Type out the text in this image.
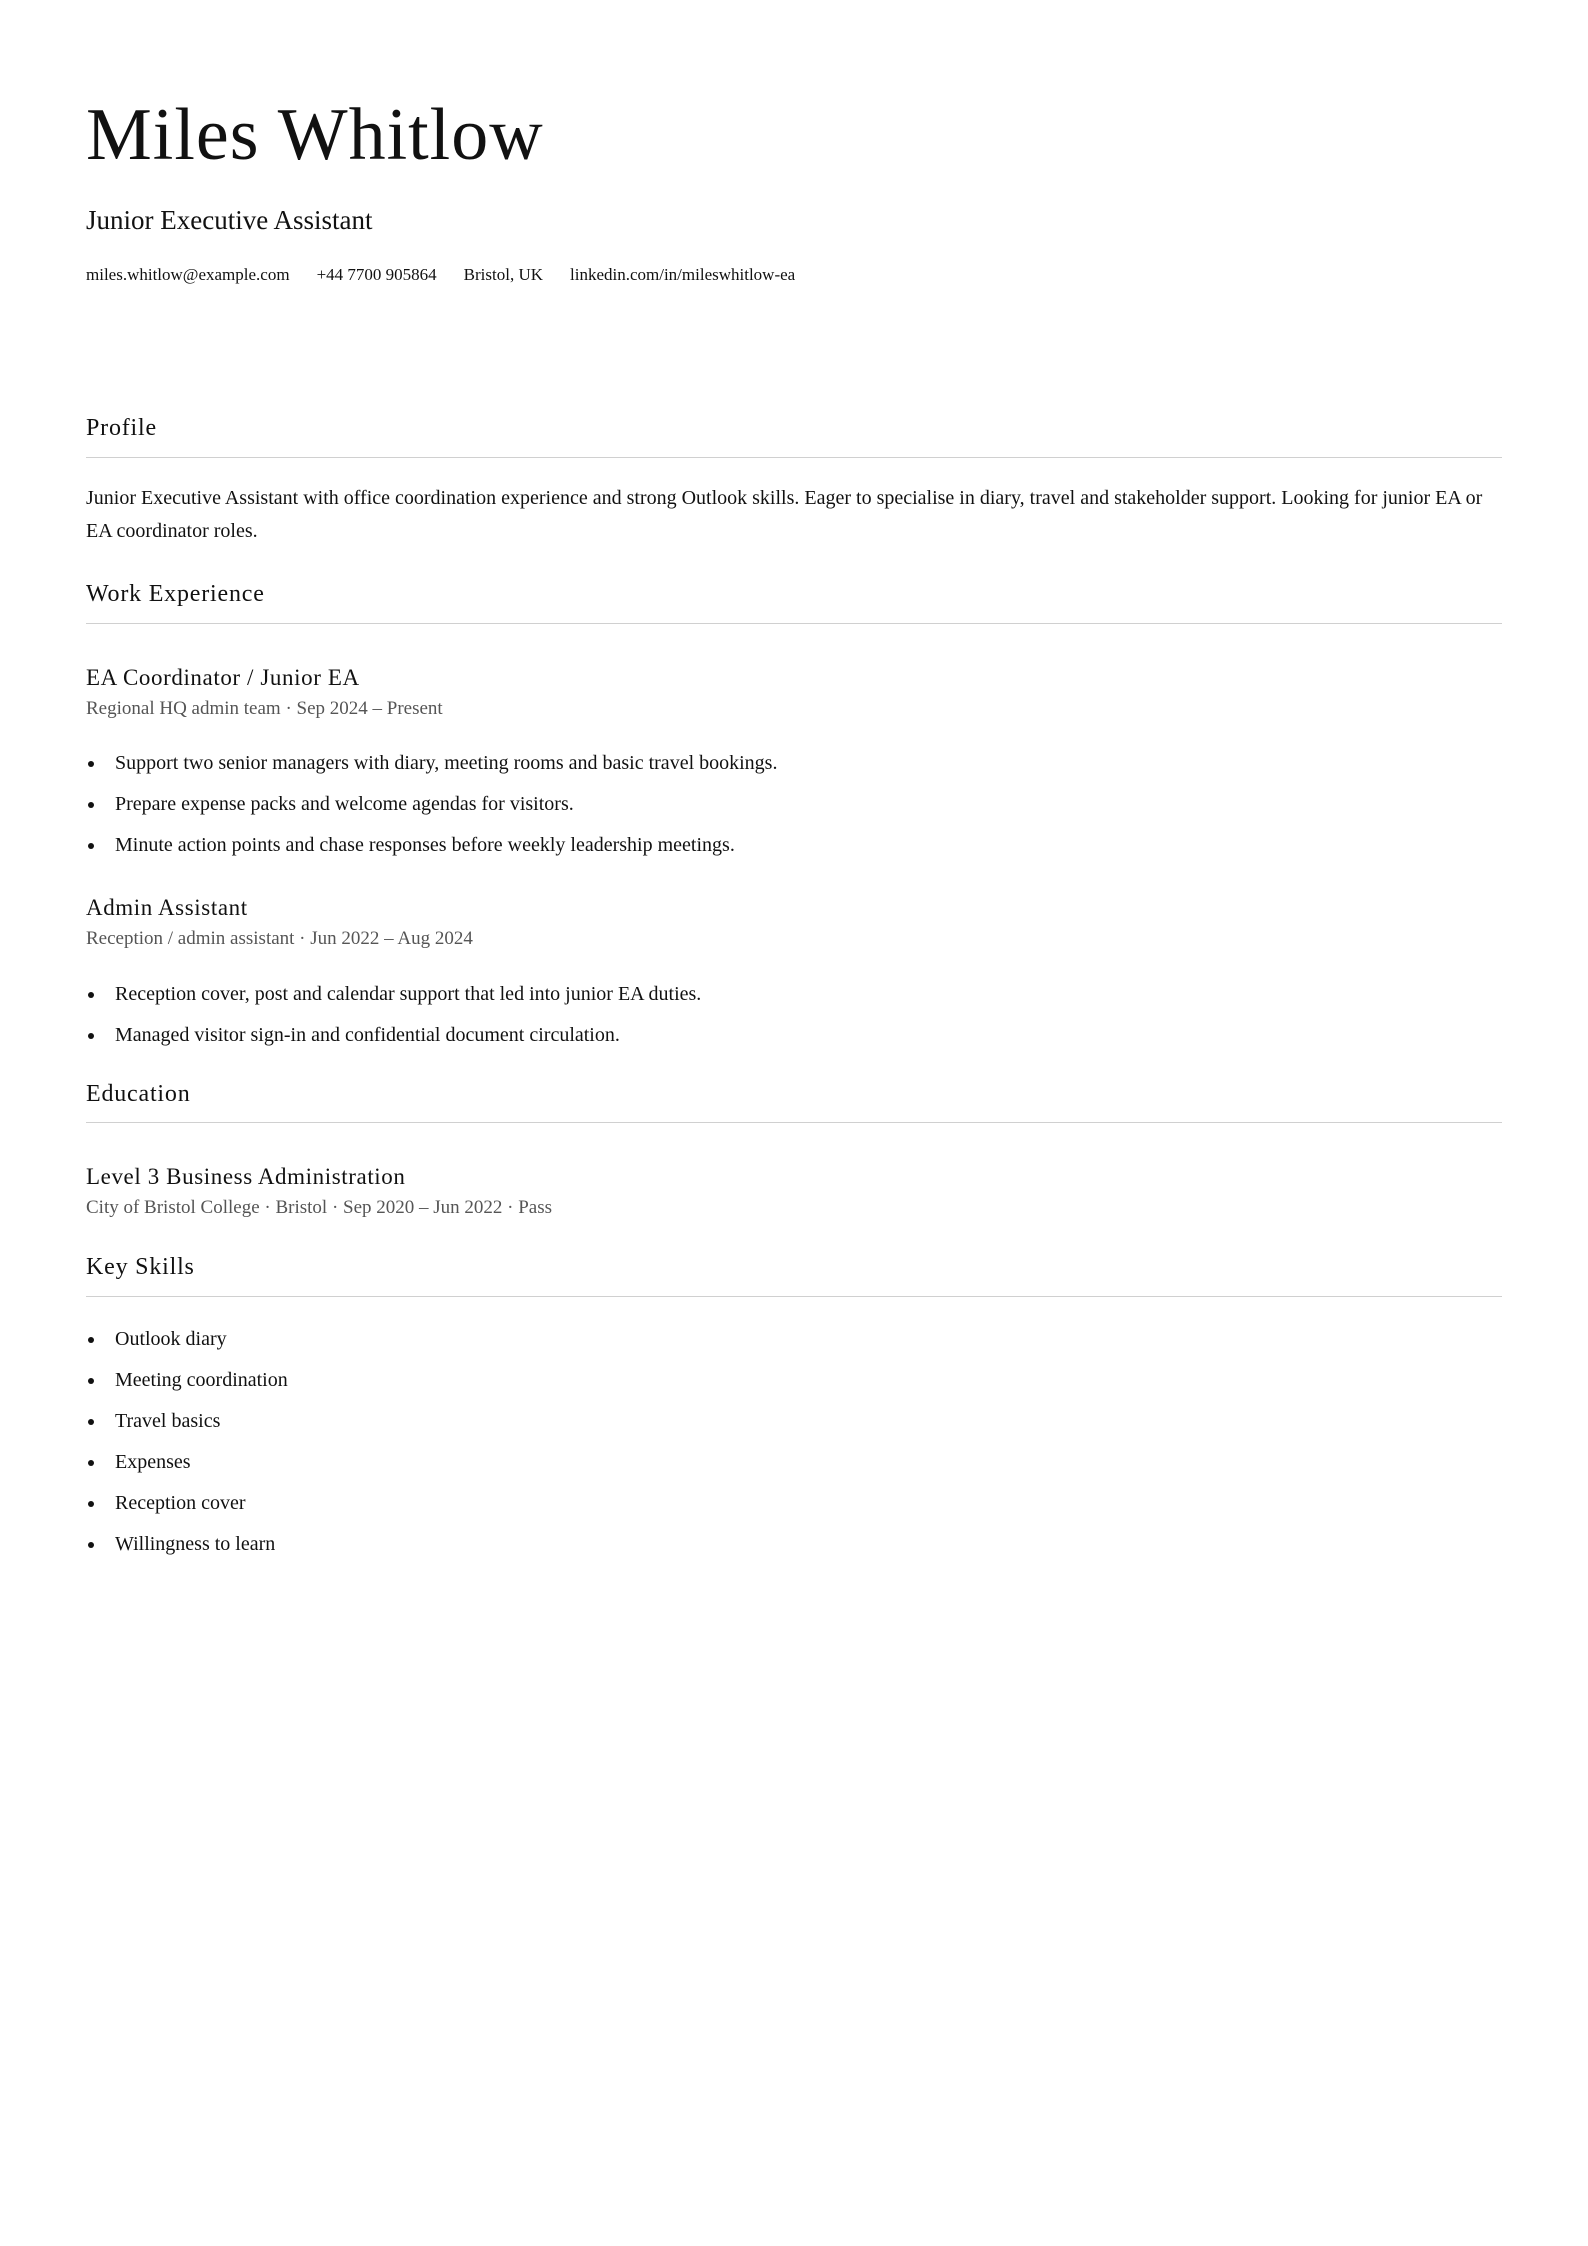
Miles Whitlow
Junior Executive Assistant
miles.whitlow@example.com +44 7700 905864 Bristol, UK linkedin.com/in/mileswhitlow-ea
Profile
Junior Executive Assistant with office coordination experience and strong Outlook skills. Eager to specialise in diary, travel and stakeholder support. Looking for junior EA or EA coordinator roles.
Work Experience
EA Coordinator / Junior EA
Regional HQ admin team · Sep 2024 – Present
Support two senior managers with diary, meeting rooms and basic travel bookings.
Prepare expense packs and welcome agendas for visitors.
Minute action points and chase responses before weekly leadership meetings.
Admin Assistant
Reception / admin assistant · Jun 2022 – Aug 2024
Reception cover, post and calendar support that led into junior EA duties.
Managed visitor sign-in and confidential document circulation.
Education
Level 3 Business Administration
City of Bristol College · Bristol · Sep 2020 – Jun 2022 · Pass
Key Skills
Outlook diary
Meeting coordination
Travel basics
Expenses
Reception cover
Willingness to learn
